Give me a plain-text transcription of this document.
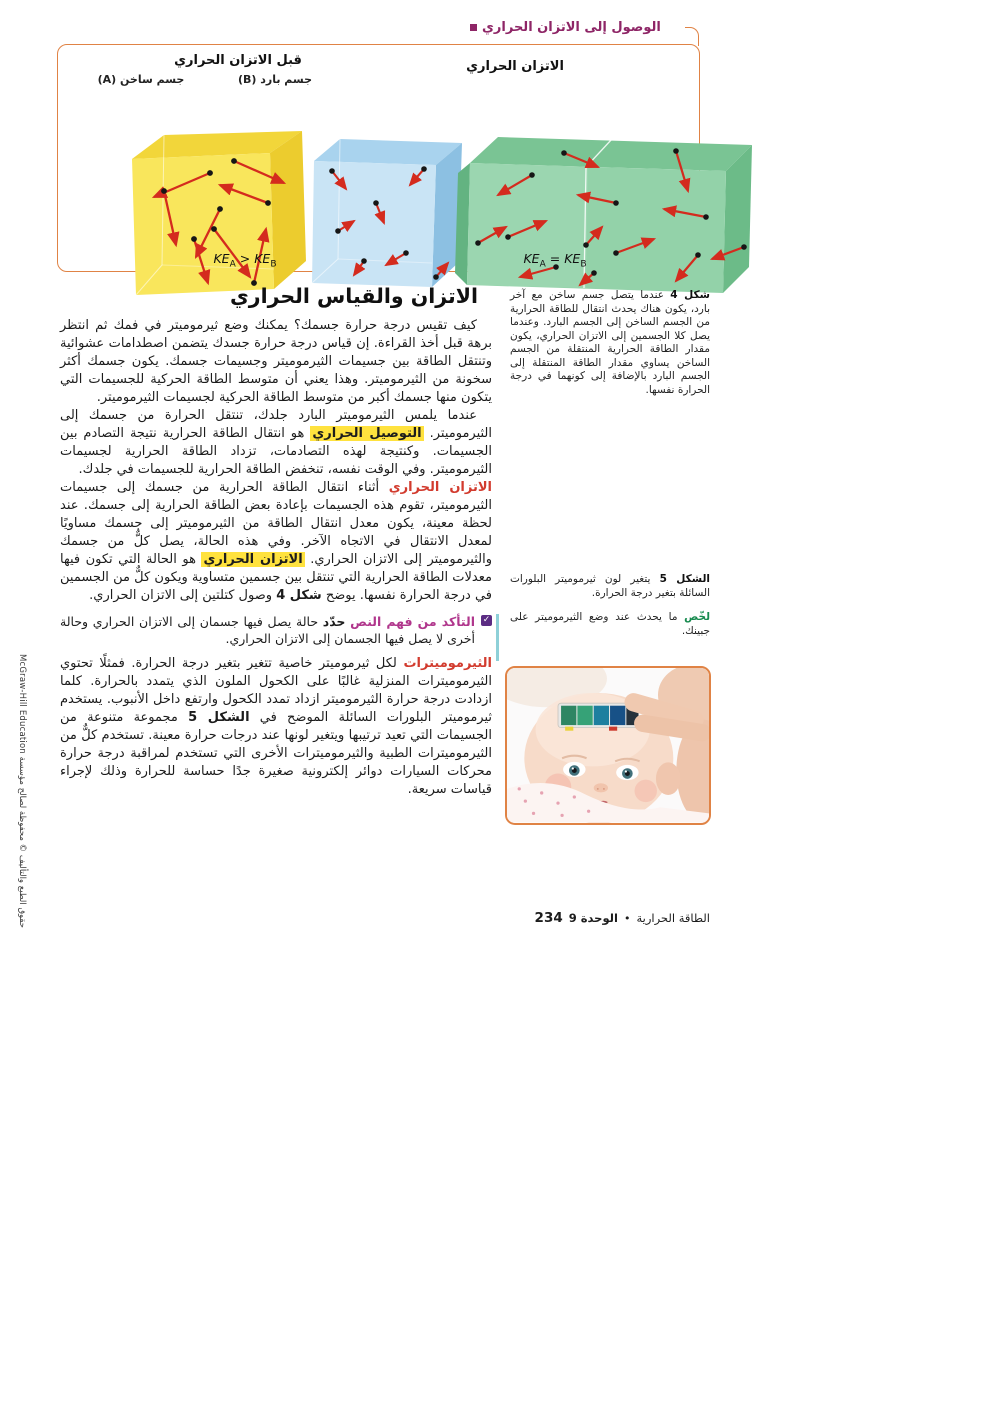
الوصول إلى الاتزان الحراري
قبل الاتزان الحراري
جسم ساخن (A)	جسم بارد (B)
الاتزان الحراري
$KE_A > KE_B$	$KE_A = KE_B$
الاتزان والقياس الحراري

كيف تقيس درجة حرارة جسمك؟ يمكنك وضع ثيرموميتر في فمك ثم انتظر برهة قبل أخذ القراءة. إن قياس درجة حرارة جسدك يتضمن اصطدامات عشوائية وتنتقل الطاقة بين جسيمات الثيرموميتر وجسيمات جسمك. يكون جسمك أكثر سخونة من الثيرموميتر. وهذا يعني أن متوسط الطاقة الحركية للجسيمات التي يتكون منها جسمك أكبر من متوسط الطاقة الحركية لجسيمات الثيرموميتر.

عندما يلمس الثيرموميتر البارد جلدك، تنتقل الحرارة من جسمك إلى الثيرموميتر. التوصيل الحراري هو انتقال الطاقة الحرارية نتيجة التصادم بين الجسيمات. وكنتيجة لهذه التصادمات، تزداد الطاقة الحرارية لجسيمات الثيرموميتر. وفي الوقت نفسه، تنخفض الطاقة الحرارية للجسيمات في جلدك.

الاتزان الحراري أثناء انتقال الطاقة الحرارية من جسمك إلى جسيمات الثيرموميتر، تقوم هذه الجسيمات بإعادة بعض الطاقة الحرارية إلى جسمك. عند لحظة معينة، يكون معدل انتقال الطاقة من الثيرموميتر إلى جسمك مساويًا لمعدل الانتقال في الاتجاه الآخر. وفي هذه الحالة، يصل كلٌّ من جسمك والثيرموميتر إلى الاتزان الحراري. الاتزان الحراري هو الحالة التي تكون فيها معدلات الطاقة الحرارية التي تنتقل بين جسمين متساوية ويكون كلٌّ من الجسمين في درجة الحرارة نفسها. يوضح شكل 4 وصول كتلتين إلى الاتزان الحراري.

✓
التأكد من فهم النص حدّد حالة يصل فيها جسمان إلى الاتزان الحراري وحالة أخرى لا يصل فيها الجسمان إلى الاتزان الحراري.

الثيرموميترات لكل ثيرموميتر خاصية تتغير بتغير درجة الحرارة. فمثلًا تحتوي الثيرموميترات المنزلية غالبًا على الكحول الملون الذي يتمدد بالحرارة. كلما ازدادت درجة حرارة الثيرموميتر ازداد تمدد الكحول وارتفع داخل الأنبوب. يستخدم ثيرموميتر البلورات السائلة الموضح في الشكل 5 مجموعة متنوعة من الجسيمات التي تعيد ترتيبها ويتغير لونها عند درجات حرارة معينة. تستخدم كلٌّ من الثيرموميترات الطبية والثيرموميترات الأخرى التي تستخدم لمراقبة درجة حرارة محركات السيارات دوائر إلكترونية صغيرة جدًا حساسة للحرارة وذلك لإجراء قياسات سريعة.

شكل 4 عندما يتصل جسم ساخن مع آخر بارد، يكون هناك يحدث انتقال للطاقة الحرارية من الجسم الساخن إلى الجسم البارد. وعندما يصل كلا الجسمين إلى الاتزان الحراري، يكون مقدار الطاقة الحرارية المنتقلة من الجسم الساخن يساوي مقدار الطاقة المنتقلة إلى الجسم البارد بالإضافة إلى كونهما في درجة الحرارة نفسها.
الشكل 5 يتغير لون ثيرموميتر البلورات السائلة بتغير درجة الحرارة.
لخّص ما يحدث عند وضع الثيرموميتر على جبينك.
234 الوحدة 9 • الطاقة الحرارية
حقوق الطبع والتأليف © محفوظة لصالح مؤسسة McGraw-Hill Education
